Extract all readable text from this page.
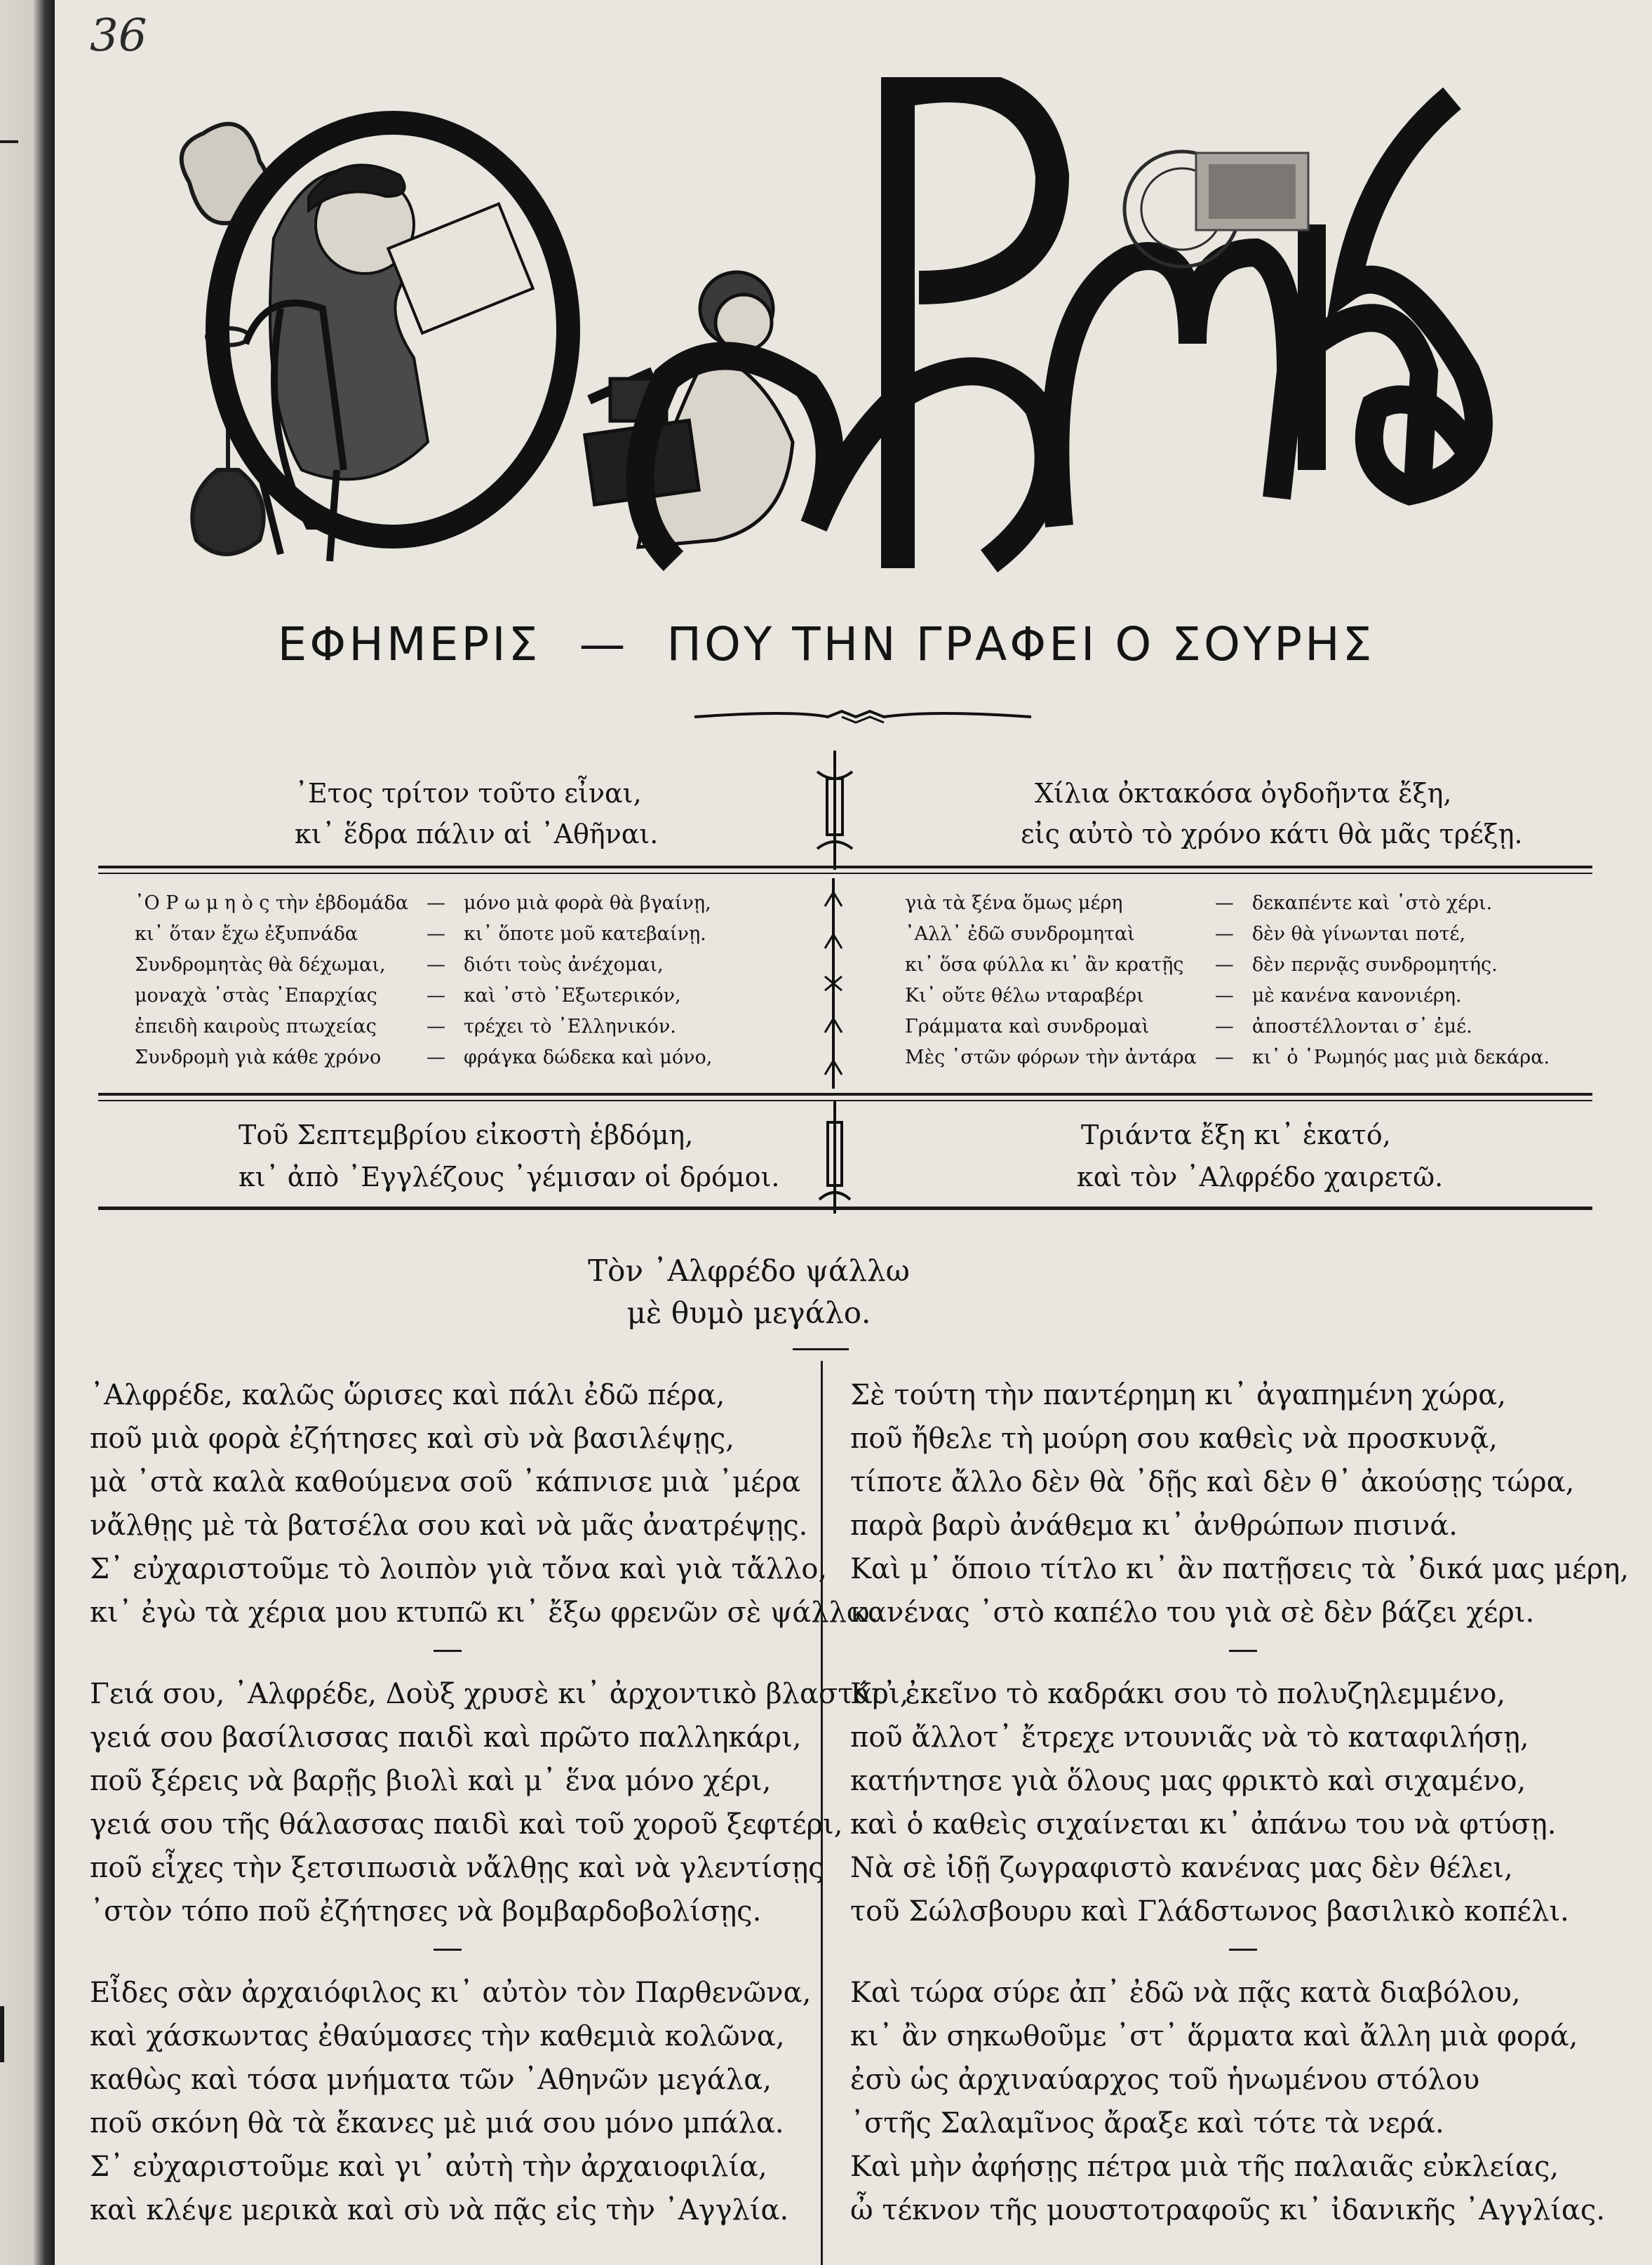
36
ΕΦΗΜΕΡΙΣ — ΠΟΥ ΤΗΝ ΓΡΑΦΕΙ Ο ΣΟΥΡΗΣ
᾿Ετος τρίτον τοῦτο εἶναι,
κι᾿ ἕδρα πάλιν αἱ ᾿Αθῆναι.
Χίλια ὀκτακόσα ὀγδοῆντα ἔξη,
εἰς αὐτὸ τὸ χρόνο κάτι θὰ μᾶς τρέξῃ.
᾿Ο Ρ ω μ η ὸ ς τὴν ἑβδομάδα	—	μόνο μιὰ φορὰ θὰ βγαίνῃ,
κι᾿ ὅταν ἔχω ἐξυπνάδα	—	κι᾿ ὅποτε μοῦ κατεβαίνῃ.
Συνδρομητὰς θὰ δέχωμαι,	—	διότι τοὺς ἀνέχομαι,
μοναχὰ ᾿στὰς ᾿Επαρχίας	—	καὶ ᾿στὸ ᾿Εξωτερικόν,
ἐπειδὴ καιροὺς πτωχείας	—	τρέχει τὸ ᾿Ελληνικόν.
Συνδρομὴ γιὰ κάθε χρόνο	—	φράγκα δώδεκα καὶ μόνο,
γιὰ τὰ ξένα ὅμως μέρη	—	δεκαπέντε καὶ ᾿στὸ χέρι.
᾿Αλλ᾿ ἐδῶ συνδρομηταὶ	—	δὲν θὰ γίνωνται ποτέ,
κι᾿ ὅσα φύλλα κι᾿ ἂν κρατῇς	—	δὲν περνᾷς συνδρομητής.
Κι᾿ οὔτε θέλω νταραβέρι	—	μὲ κανένα κανονιέρη.
Γράμματα καὶ συνδρομαὶ	—	ἀποστέλλονται σ᾿ ἐμέ.
Μὲς ᾿στῶν φόρων τὴν ἀντάρα	—	κι᾿ ὁ ῾Ρωμηός μας μιὰ δεκάρα.
Τοῦ Σεπτεμβρίου εἰκοστὴ ἑβδόμη,
κι᾿ ἀπὸ ᾿Εγγλέζους ᾿γέμισαν οἱ δρόμοι.
Τριάντα ἔξη κι᾿ ἑκατό,
καὶ τὸν ᾿Αλφρέδο χαιρετῶ.
Τὸν ᾿Αλφρέδο ψάλλω
μὲ θυμὸ μεγάλο.
᾿Αλφρέδε, καλῶς ὥρισες καὶ πάλι ἐδῶ πέρα,
ποῦ μιὰ φορὰ ἐζήτησες καὶ σὺ νὰ βασιλέψῃς,
μὰ ᾿στὰ καλὰ καθούμενα σοῦ ᾿κάπνισε μιὰ ᾿μέρα
νἄλθῃς μὲ τὰ βατσέλα σου καὶ νὰ μᾶς ἀνατρέψῃς.
Σ᾿ εὐχαριστοῦμε τὸ λοιπὸν γιὰ τὄνα καὶ γιὰ τἄλλο,
κι᾿ ἐγὼ τὰ χέρια μου κτυπῶ κι᾿ ἔξω φρενῶν σὲ ψάλλω.
Γειά σου, ᾿Αλφρέδε, Δοὺξ χρυσὲ κι᾿ ἀρχοντικὸ βλαστάρι,
γειά σου βασίλισσας παιδὶ καὶ πρῶτο παλληκάρι,
ποῦ ξέρεις νὰ βαρῇς βιολὶ καὶ μ᾿ ἕνα μόνο χέρι,
γειά σου τῆς θάλασσας παιδὶ καὶ τοῦ χοροῦ ξεφτέρι,
ποῦ εἶχες τὴν ξετσιπωσιὰ νἄλθῃς καὶ νὰ γλεντίσῃς
᾿στὸν τόπο ποῦ ἐζήτησες νὰ βομβαρδοβολίσῃς.
Εἶδες σὰν ἀρχαιόφιλος κι᾿ αὐτὸν τὸν Παρθενῶνα,
καὶ χάσκωντας ἐθαύμασες τὴν καθεμιὰ κολῶνα,
καθὼς καὶ τόσα μνήματα τῶν ᾿Αθηνῶν μεγάλα,
ποῦ σκόνη θὰ τὰ ἔκανες μὲ μιά σου μόνο μπάλα.
Σ᾿ εὐχαριστοῦμε καὶ γι᾿ αὐτὴ τὴν ἀρχαιοφιλία,
καὶ κλέψε μερικὰ καὶ σὺ νὰ πᾷς εἰς τὴν ᾿Αγγλία.
Σὲ τούτη τὴν παντέρημη κι᾿ ἀγαπημένη χώρα,
ποῦ ἤθελε τὴ μούρη σου καθεὶς νὰ προσκυνᾷ,
τίποτε ἄλλο δὲν θὰ ᾿δῇς καὶ δὲν θ᾿ ἀκούσῃς τώρα,
παρὰ βαρὺ ἀνάθεμα κι᾿ ἀνθρώπων πισινά.
Καὶ μ᾿ ὅποιο τίτλο κι᾿ ἂν πατῇσεις τὰ ᾿δικά μας μέρη,
κανένας ᾿στὸ καπέλο του γιὰ σὲ δὲν βάζει χέρι.
Κι᾿ ἐκεῖνο τὸ καδράκι σου τὸ πολυζηλεμμένο,
ποῦ ἄλλοτ᾿ ἔτρεχε ντουνιᾶς νὰ τὸ καταφιλήσῃ,
κατήντησε γιὰ ὅλους μας φρικτὸ καὶ σιχαμένο,
καὶ ὁ καθεὶς σιχαίνεται κι᾿ ἀπάνω του νὰ φτύσῃ.
Νὰ σὲ ἰδῇ ζωγραφιστὸ κανένας μας δὲν θέλει,
τοῦ Σώλσβουρυ καὶ Γλάδστωνος βασιλικὸ κοπέλι.
Καὶ τώρα σύρε ἀπ᾿ ἐδῶ νὰ πᾷς κατὰ διαβόλου,
κι᾿ ἂν σηκωθοῦμε ᾿στ᾿ ἅρματα καὶ ἄλλη μιὰ φορά,
ἐσὺ ὡς ἀρχιναύαρχος τοῦ ἡνωμένου στόλου
᾿στῆς Σαλαμῖνος ἄραξε καὶ τότε τὰ νερά.
Καὶ μὴν ἀφήσῃς πέτρα μιὰ τῆς παλαιᾶς εὐκλείας,
ὦ τέκνον τῆς μουστοτραφοῦς κι᾿ ἰδανικῆς ᾿Αγγλίας.
